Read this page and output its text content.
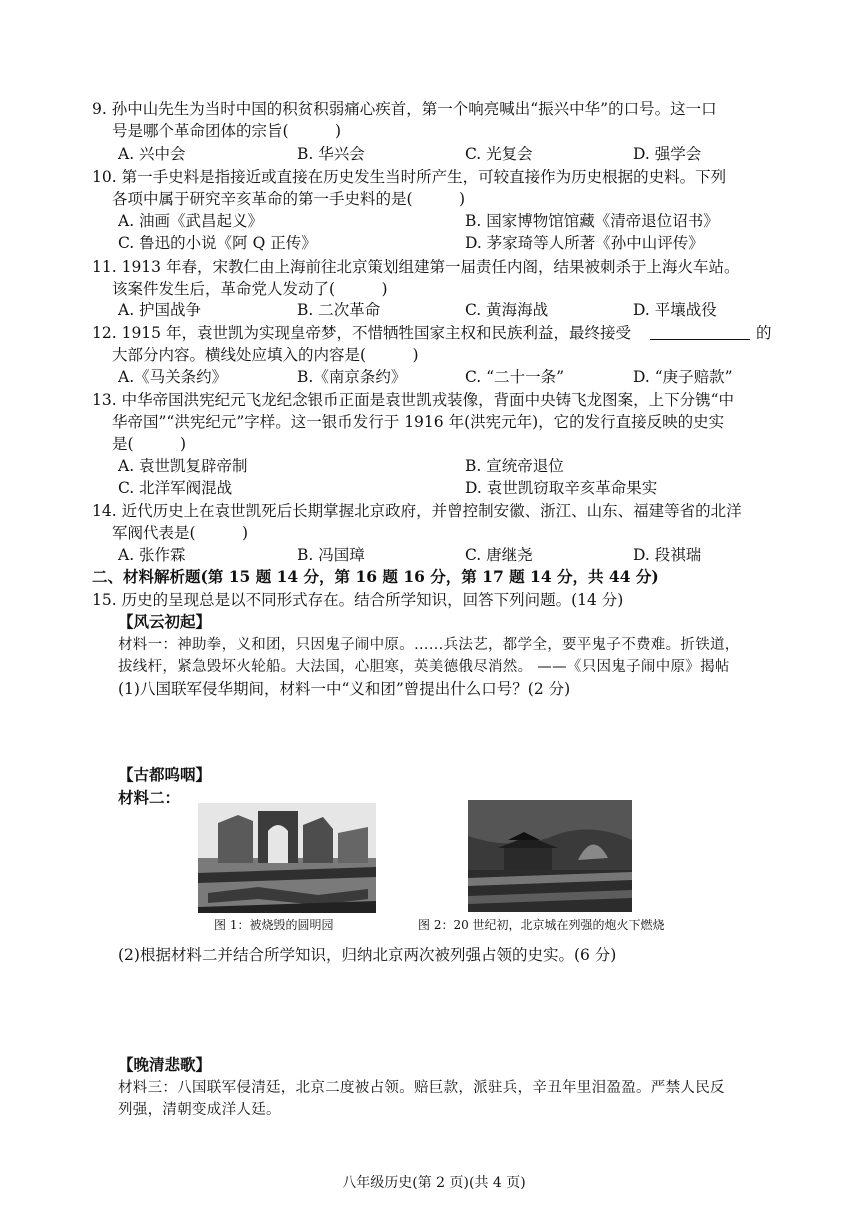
9. 孙中山先生为当时中国的积贫积弱痛心疾首，第一个响亮喊出“振兴中华”的口号。这一口
号是哪个革命团体的宗旨(　　　)
A. 兴中会	B. 华兴会	C. 光复会	D. 强学会
10. 第一手史料是指接近或直接在历史发生当时所产生，可较直接作为历史根据的史料。下列
各项中属于研究辛亥革命的第一手史料的是(　　　)
A. 油画《武昌起义》	B. 国家博物馆馆藏《清帝退位诏书》
C. 鲁迅的小说《阿 Q 正传》	D. 茅家琦等人所著《孙中山评传》
11. 1913 年春，宋教仁由上海前往北京策划组建第一届责任内阁，结果被刺杀于上海火车站。
该案件发生后，革命党人发动了(　　　)
A. 护国战争	B. 二次革命	C. 黄海海战	D. 平壤战役
12. 1915 年，袁世凯为实现皇帝梦，不惜牺牲国家主权和民族利益，最终接受	的
大部分内容。横线处应填入的内容是(　　　)
A.《马关条约》	B.《南京条约》	C. “二十一条”	D. “庚子赔款”
13. 中华帝国洪宪纪元飞龙纪念银币正面是袁世凯戎装像，背面中央铸飞龙图案，上下分镌“中
华帝国”“洪宪纪元”字样。这一银币发行于 1916 年(洪宪元年)，它的发行直接反映的史实
是(　　　)
A. 袁世凯复辟帝制	B. 宣统帝退位
C. 北洋军阀混战	D. 袁世凯窃取辛亥革命果实
14. 近代历史上在袁世凯死后长期掌握北京政府，并曾控制安徽、浙江、山东、福建等省的北洋
军阀代表是(　　　)
A. 张作霖	B. 冯国璋	C. 唐继尧	D. 段祺瑞
二、材料解析题(第 15 题 14 分，第 16 题 16 分，第 17 题 14 分，共 44 分)
15. 历史的呈现总是以不同形式存在。结合所学知识，回答下列问题。(14 分)
【风云初起】
材料一：神助拳，义和团，只因鬼子闹中原。……兵法艺，都学全，要平鬼子不费难。折铁道，
拔线杆，紧急毁坏火轮船。大法国，心胆寒，英美德俄尽消然。 ——《只因鬼子闹中原》揭帖
(1)八国联军侵华期间，材料一中“义和团”曾提出什么口号？(2 分)
【古都呜咽】
材料二：
图 1：被烧毁的圆明园	图 2：20 世纪初，北京城在列强的炮火下燃烧
(2)根据材料二并结合所学知识，归纳北京两次被列强占领的史实。(6 分)
【晚清悲歌】
材料三：八国联军侵清廷，北京二度被占领。赔巨款，派驻兵，辛丑年里泪盈盈。严禁人民反
列强，清朝变成洋人廷。
八年级历史(第 2 页)(共 4 页)
